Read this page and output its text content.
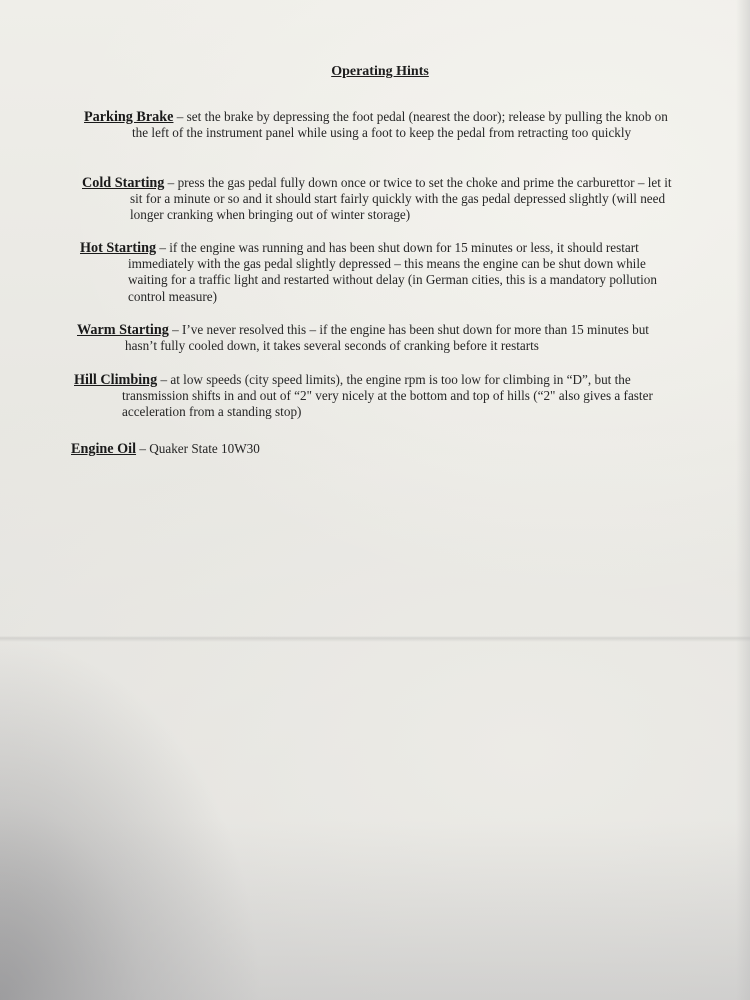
Operating Hints
Parking Brake – set the brake by depressing the foot pedal (nearest the door); release by pulling the knob on the left of the instrument panel while using a foot to keep the pedal from retracting too quickly
Cold Starting – press the gas pedal fully down once or twice to set the choke and prime the carburettor – let it sit for a minute or so and it should start fairly quickly with the gas pedal depressed slightly (will need longer cranking when bringing out of winter storage)
Hot Starting – if the engine was running and has been shut down for 15 minutes or less, it should restart immediately with the gas pedal slightly depressed – this means the engine can be shut down while waiting for a traffic light and restarted without delay (in German cities, this is a mandatory pollution control measure)
Warm Starting – I’ve never resolved this – if the engine has been shut down for more than 15 minutes but hasn’t fully cooled down, it takes several seconds of cranking before it restarts
Hill Climbing – at low speeds (city speed limits), the engine rpm is too low for climbing in “D”, but the transmission shifts in and out of “2" very nicely at the bottom and top of hills (“2" also gives a faster acceleration from a standing stop)
Engine Oil – Quaker State 10W30
